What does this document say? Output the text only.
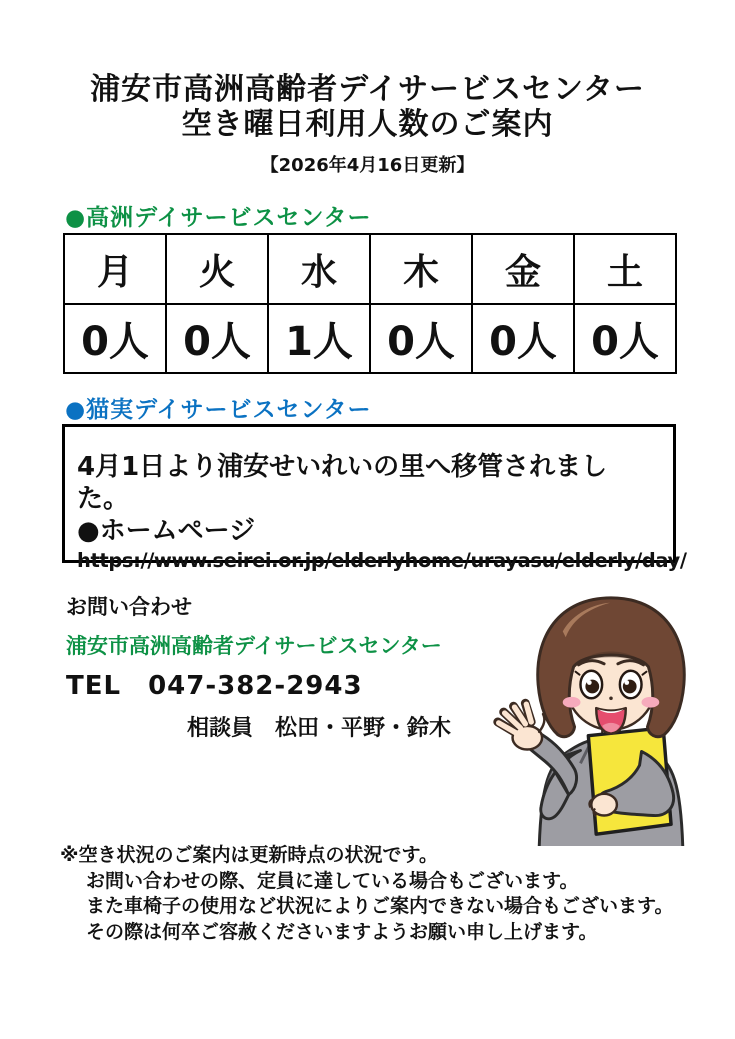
浦安市高洲高齢者デイサービスセンター
空き曜日利用人数のご案内
【2026年4月16日更新】
●高洲デイサービスセンター
月	火	水	木	金	土
0人	0人	1人	0人	0人	0人
●猫実デイサービスセンター
4月1日より浦安せいれいの里へ移管されました。
●ホームページ
https://www.seirei.or.jp/elderlyhome/urayasu/elderly/day/
お問い合わせ
浦安市高洲高齢者デイサービスセンター
TEL　047-382-2943
相談員　松田・平野・鈴木
※空き状況のご案内は更新時点の状況です。
お問い合わせの際、定員に達している場合もございます。
また車椅子の使用など状況によりご案内できない場合もございます。
その際は何卒ご容赦くださいますようお願い申し上げます。
